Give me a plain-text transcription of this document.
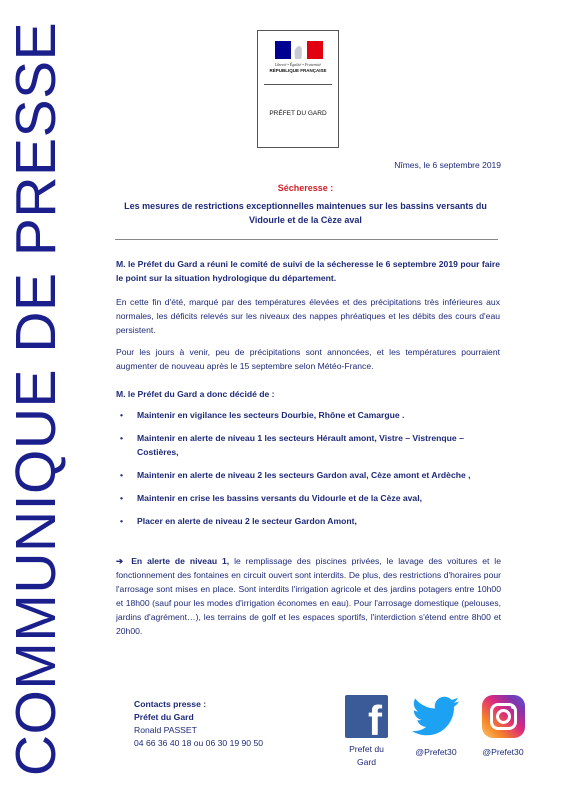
COMMUNIQUE DE PRESSE	Liberté • Égalité • Fraternité
RÉPUBLIQUE FRANÇAISE
PRÉFET DU GARD
Nîmes, le 6 septembre 2019
Sécheresse :
Les mesures de restrictions exceptionnelles maintenues sur les bassins versants du Vidourle et de la Cèze aval
M. le Préfet du Gard a réuni le comité de suivi de la sécheresse le 6 septembre 2019 pour faire le point sur la situation hydrologique du département.
En cette fin d'été, marqué par des températures élevées et des précipitations très inférieures aux normales, les déficits relevés sur les niveaux des nappes phréatiques et les débits des cours d'eau persistent.
Pour les jours à venir, peu de précipitations sont annoncées, et les températures pourraient augmenter de nouveau après le 15 septembre selon Météo-France.
M. le Préfet du Gard a donc décidé de :
• Maintenir en vigilance les secteurs Dourbie, Rhône et Camargue .
• Maintenir en alerte de niveau 1 les secteurs Hérault amont, Vistre – Vistrenque – Costières,
• Maintenir en alerte de niveau 2 les secteurs Gardon aval, Cèze amont et Ardèche ,
• Maintenir en crise les bassins versants du Vidourle et de la Cèze aval,
• Placer en alerte de niveau 2 le secteur Gardon Amont,
➔ En alerte de niveau 1, le remplissage des piscines privées, le lavage des voitures et le fonctionnement des fontaines en circuit ouvert sont interdits. De plus, des restrictions d'horaires pour l'arrosage sont mises en place. Sont interdits l'irrigation agricole et des jardins potagers entre 10h00 et 18h00 (sauf pour les modes d'irrigation économes en eau). Pour l'arrosage domestique (pelouses, jardins d'agrément…), les terrains de golf et les espaces sportifs, l'interdiction s'étend entre 8h00 et 20h00.
Contacts presse :
Préfet du Gard
Ronald PASSET
04 66 36 40 18 ou 06 30 19 90 50 f
Prefet du
Gard
@Prefet30	@Prefet30
